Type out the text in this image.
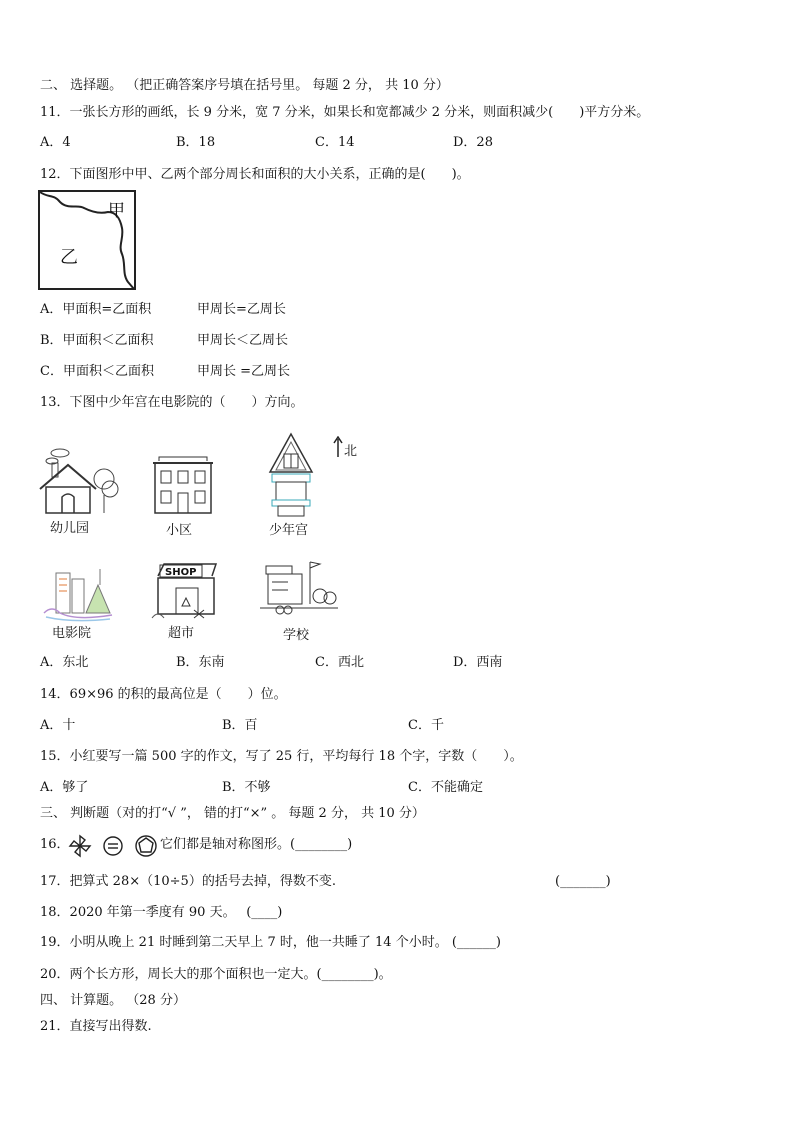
二、 选择题。 （把正确答案序号填在括号里。 每题 2 分， 共 10 分）
11．一张长方形的画纸，长 9 分米，宽 7 分米，如果长和宽都减少 2 分米，则面积减少(　　)平方分米。
A．4	B．18	C．14	D．28
12．下面图形中甲、乙两个部分周长和面积的大小关系，正确的是(　　)。
甲
乙
A．甲面积=乙面积	甲周长=乙周长
B．甲面积＜乙面积	甲周长＜乙周长
C．甲面积＜乙面积	甲周长 =乙周长
13．下图中少年宫在电影院的（　　）方向。
北
幼儿园	小区	少年宫
电影院
SHOP
超市	学校
A．东北	B．东南	C．西北	D．西南
14．69×96 的积的最高位是（　　）位。
A．十	B．百	C．千
15．小红要写一篇 500 字的作文，写了 25 行，平均每行 18 个字，字数（　　）。
A．够了	B．不够	C．不能确定
三、 判断题（对的打“√ ”， 错的打“×” 。 每题 2 分， 共 10 分）
16．	它们都是轴对称图形。(________)
17．把算式 28×（10÷5）的括号去掉，得数不变.	(_______)
18．2020 年第一季度有 90 天。　 (____)
19．小明从晚上 21 时睡到第二天早上 7 时，他一共睡了 14 个小时。 (______)
20．两个长方形，周长大的那个面积也一定大。(________)。
四、 计算题。 （28 分）
21．直接写出得数.
